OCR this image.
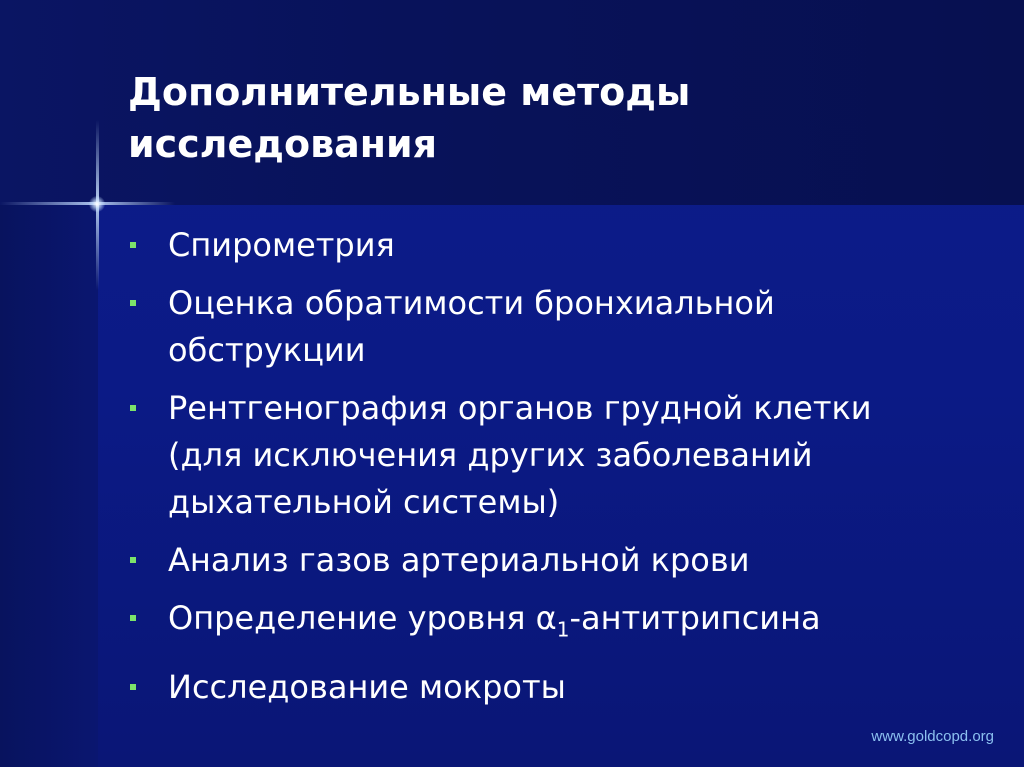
Дополнительные методы
исследования
Спирометрия
Оценка обратимости бронхиальной
обструкции
Рентгенография органов грудной клетки
(для исключения других заболеваний
дыхательной системы)
Анализ газов артериальной крови
Определение уровня $\alpha_1$-антитрипсина
Исследование мокроты
www.goldcopd.org
